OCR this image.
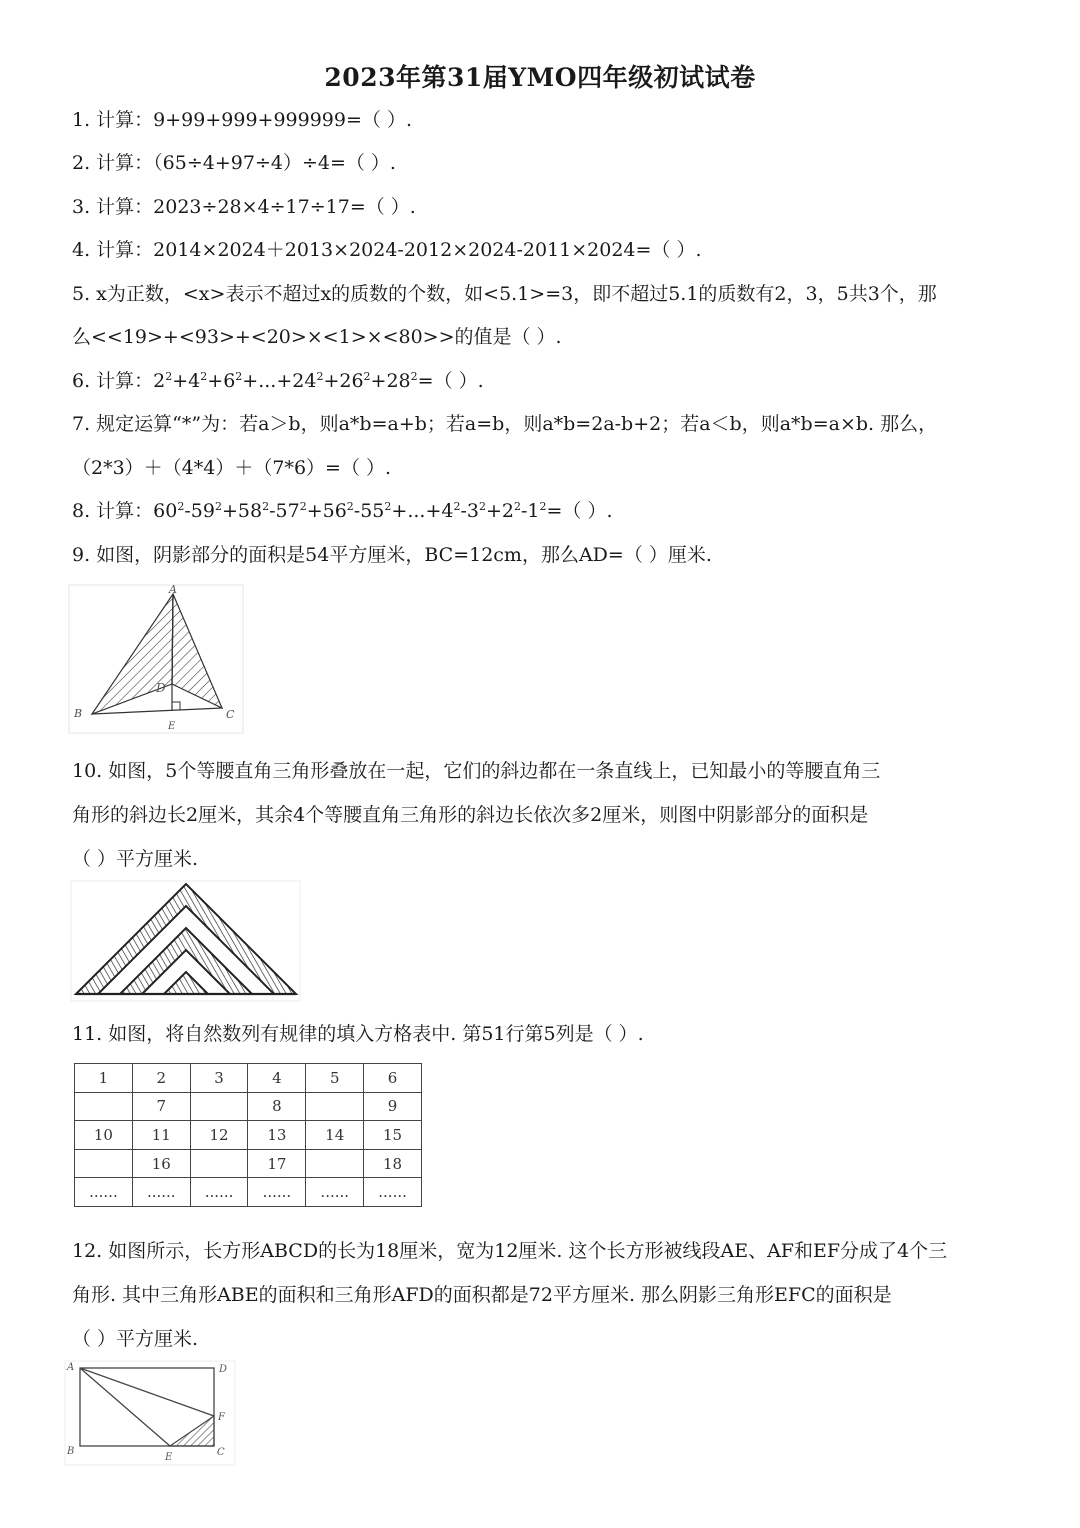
2023年第31届YMO四年级初试试卷
1. 计算：9+99+999+999999=（ ）.
2. 计算：（65÷4+97÷4）÷4=（ ）.
3. 计算：2023÷28×4÷17÷17=（ ）.
4. 计算：2014×2024＋2013×2024-2012×2024-2011×2024=（ ）.
5. x为正数，<x>表示不超过x的质数的个数，如<5.1>=3，即不超过5.1的质数有2，3，5共3个，那
么<<19>+<93>+<20>×<1>×<80>>的值是（ ）.
6. 计算：$2^2+4^2+6^2+...+24^2+26^2+28^2=$（ ）.
7. 规定运算“*”为：若a＞b，则a*b=a+b；若a=b，则a*b=2a-b+2；若a＜b，则a*b=a×b. 那么，
（2*3）＋（4*4）＋（7*6）=（ ）.
8. 计算：$60^2-59^2+58^2-57^2+56^2-55^2+...+4^2-3^2+2^2-1^2=$（ ）.
9. 如图，阴影部分的面积是54平方厘米，BC=12cm，那么AD=（ ）厘米.
A
B	C
D
E
10. 如图，5个等腰直角三角形叠放在一起，它们的斜边都在一条直线上，已知最小的等腰直角三
角形的斜边长2厘米，其余4个等腰直角三角形的斜边长依次多2厘米，则图中阴影部分的面积是
（ ）平方厘米.
11. 如图，将自然数列有规律的填入方格表中. 第51行第5列是（ ）.
1	2	3	4	5	6
	7		8		9
10	11	12	13	14	15
	16		17		18
......	......	......	......	......	......
12. 如图所示，长方形ABCD的长为18厘米，宽为12厘米. 这个长方形被线段AE、AF和EF分成了4个三
角形. 其中三角形ABE的面积和三角形AFD的面积都是72平方厘米. 那么阴影三角形EFC的面积是
（ ）平方厘米.
A
B	C
D
E
F
